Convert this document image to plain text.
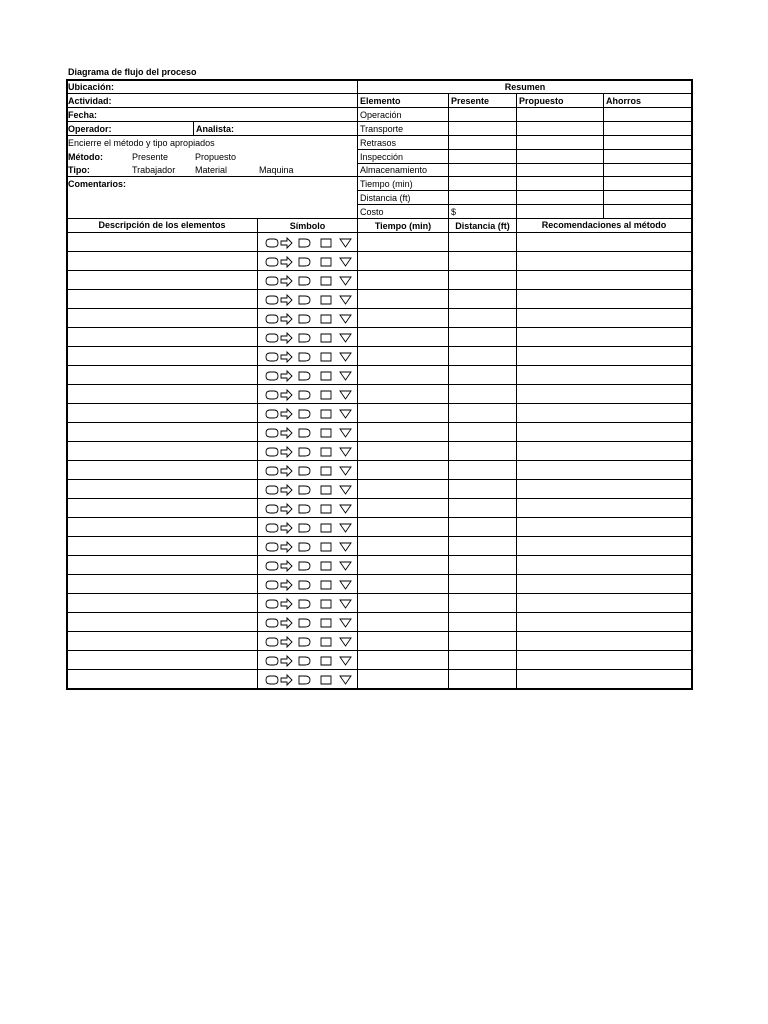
Diagrama de flujo del proceso
Ubicación:
Actividad:
Fecha:
Operador:	Analista:
Encierre el método y tipo apropiados
Método:	Presente	Propuesto
Tipo:	Trabajador Material	Maquina
Comentarios:
Resumen
Elemento	Presente	Propuesto	Ahorros
Operación
Transporte
Retrasos
Inspección
Almacenamiento
Tiempo (min)
Distancia (ft)
Costo	$
Descripción de los elementos	Símbolo	Tiempo (min)	Distancia (ft)	Recomendaciones al método
